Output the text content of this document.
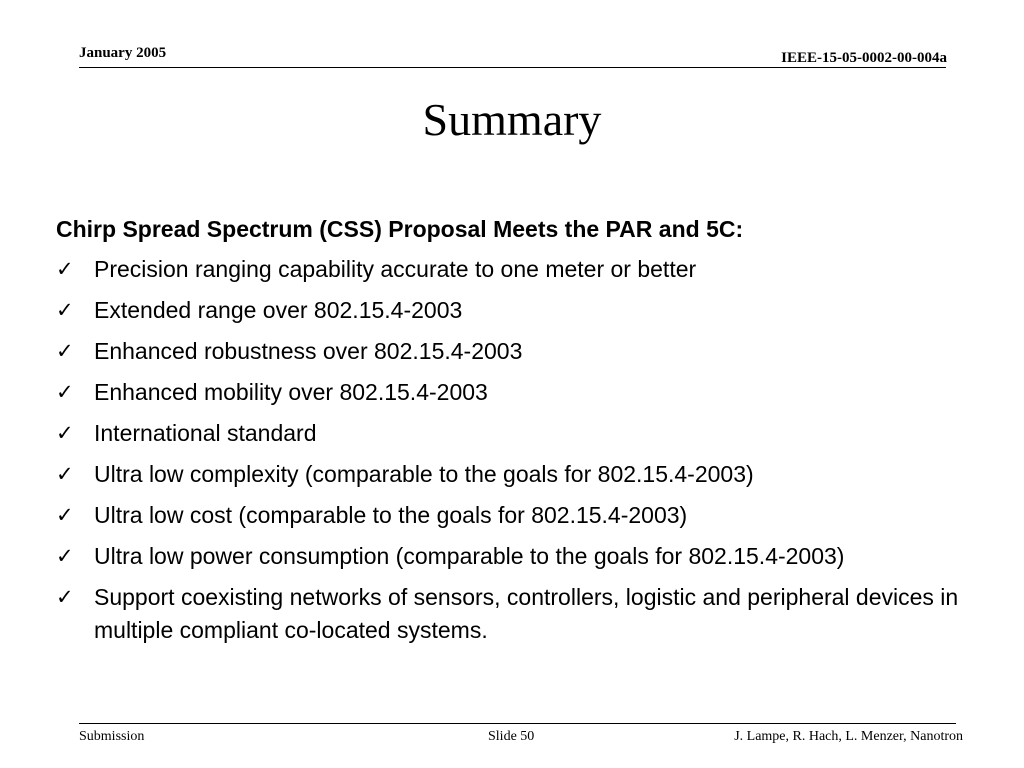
January 2005	IEEE-15-05-0002-00-004a
Summary
Chirp Spread Spectrum (CSS) Proposal Meets the PAR and 5C:
✓ Precision ranging capability accurate to one meter or better
✓ Extended range over 802.15.4-2003
✓ Enhanced robustness over 802.15.4-2003
✓ Enhanced mobility over 802.15.4-2003
✓ International standard
✓ Ultra low complexity (comparable to the goals for 802.15.4-2003)
✓ Ultra low cost (comparable to the goals for 802.15.4-2003)
✓ Ultra low power consumption (comparable to the goals for 802.15.4-2003)
✓ Support coexisting networks of sensors, controllers, logistic and peripheral devices in multiple compliant co-located systems.
Submission	Slide 50	J. Lampe, R. Hach, L. Menzer, Nanotron
